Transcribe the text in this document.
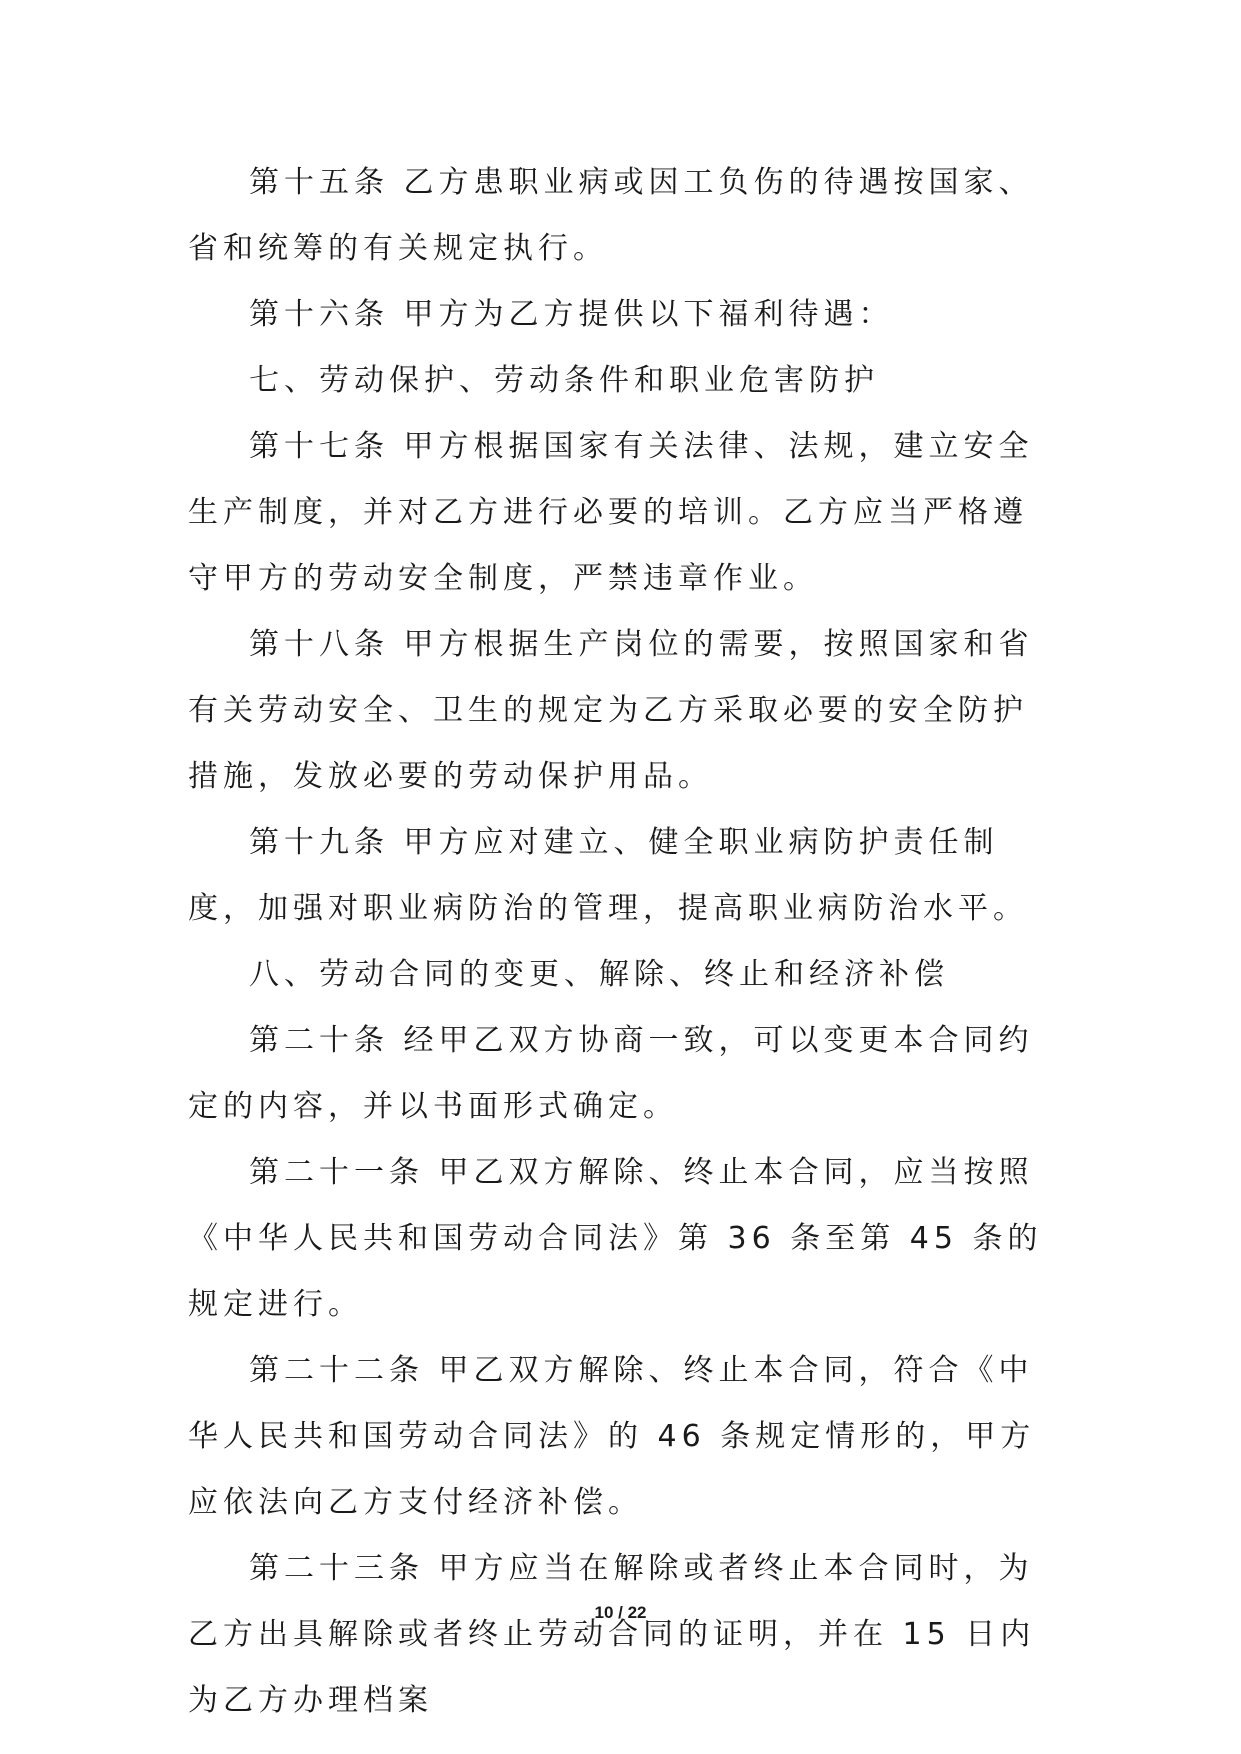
第十五条 乙方患职业病或因工负伤的待遇按国家、省和统筹的有关规定执行。

第十六条 甲方为乙方提供以下福利待遇：

七、劳动保护、劳动条件和职业危害防护

第十七条 甲方根据国家有关法律、法规，建立安全生产制度，并对乙方进行必要的培训。乙方应当严格遵守甲方的劳动安全制度，严禁违章作业。

第十八条 甲方根据生产岗位的需要，按照国家和省有关劳动安全、卫生的规定为乙方采取必要的安全防护措施，发放必要的劳动保护用品。

第十九条 甲方应对建立、健全职业病防护责任制度，加强对职业病防治的管理，提高职业病防治水平。

八、劳动合同的变更、解除、终止和经济补偿

第二十条 经甲乙双方协商一致，可以变更本合同约定的内容，并以书面形式确定。

第二十一条 甲乙双方解除、终止本合同，应当按照《中华人民共和国劳动合同法》第 36 条至第 45 条的规定进行。

第二十二条 甲乙双方解除、终止本合同，符合《中华人民共和国劳动合同法》的 46 条规定情形的，甲方应依法向乙方支付经济补偿。

第二十三条 甲方应当在解除或者终止本合同时，为乙方出具解除或者终止劳动合同的证明，并在 15 日内为乙方办理档案

10 / 22
